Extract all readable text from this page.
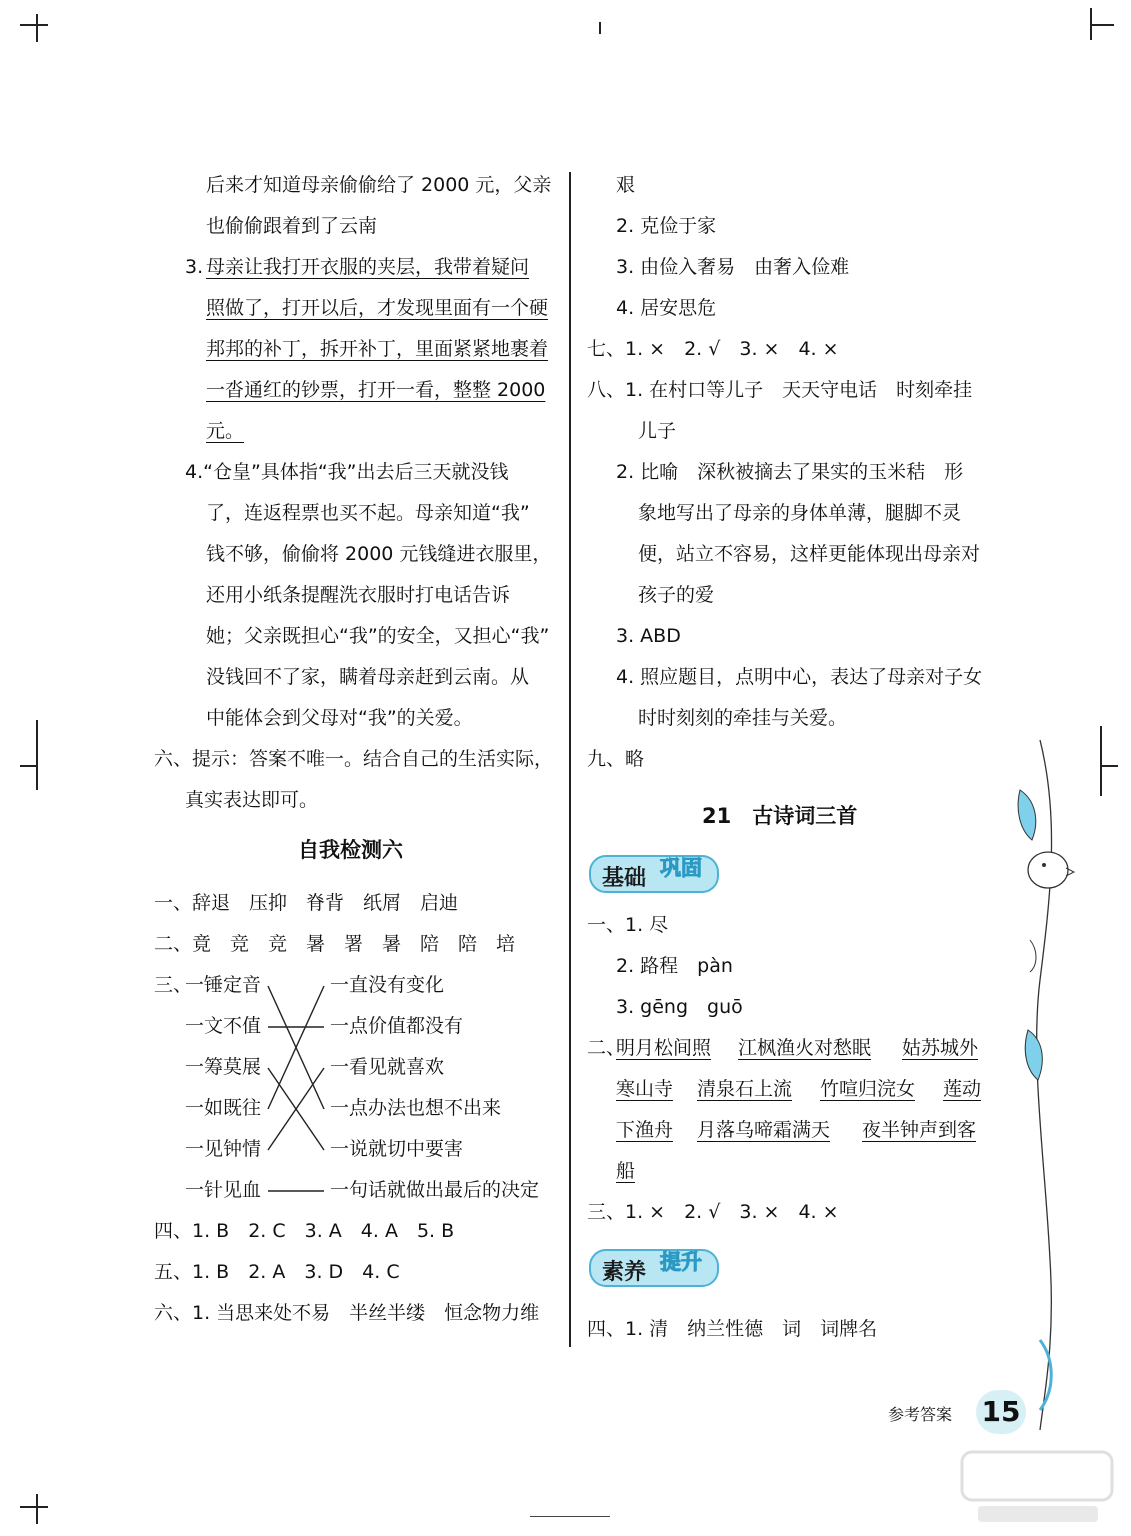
后来才知道母亲偷偷给了 2000 元，父亲
也偷偷跟着到了云南
3. 母亲让我打开衣服的夹层，我带着疑问
照做了，打开以后，才发现里面有一个硬
邦邦的补丁，拆开补丁，里面紧紧地裹着
一沓通红的钞票，打开一看，整整 2000
元。
4.“仓皇”具体指“我”出去后三天就没钱
了，连返程票也买不起。母亲知道“我”
钱不够，偷偷将 2000 元钱缝进衣服里，
还用小纸条提醒洗衣服时打电话告诉
她；父亲既担心“我”的安全，又担心“我”
没钱回不了家，瞒着母亲赶到云南。从
中能体会到父母对“我”的关爱。
六、提示：答案不唯一。结合自己的生活实际，
真实表达即可。
自我检测六
一、辞退　压抑　脊背　纸屑　启迪
二、竟　竞　竞　暑　署　暑　陪　陪　培
三、
一锤定音
一文不值
一筹莫展
一如既往
一见钟情
一针见血
一直没有变化
一点价值都没有
一看见就喜欢
一点办法也想不出来
一说就切中要害
一句话就做出最后的决定
四、1. B　2. C　3. A　4. A　5. B
五、1. B　2. A　3. D　4. C
六、1. 当思来处不易　半丝半缕　恒念物力维
艰
2. 克俭于家
3. 由俭入奢易　由奢入俭难
4. 居安思危
七、1. ×　2. √　3. ×　4. ×
八、1. 在村口等儿子　天天守电话　时刻牵挂
儿子
2. 比喻　深秋被摘去了果实的玉米秸　形
象地写出了母亲的身体单薄，腿脚不灵
便，站立不容易，这样更能体现出母亲对
孩子的爱
3. ABD
4. 照应题目，点明中心，表达了母亲对子女
时时刻刻的牵挂与关爱。
九、略
21　古诗词三首
基础 巩固
一、1. 尽
2. 路程　pàn
3. gēng　guō
二、
明月松间照 江枫渔火对愁眠 姑苏城外
寒山寺 清泉石上流 竹喧归浣女 莲动
下渔舟 月落乌啼霜满天 夜半钟声到客
船
三、1. ×　2. √　3. ×　4. ×
素养 提升
四、1. 清　纳兰性德　词　词牌名
参考答案 15
